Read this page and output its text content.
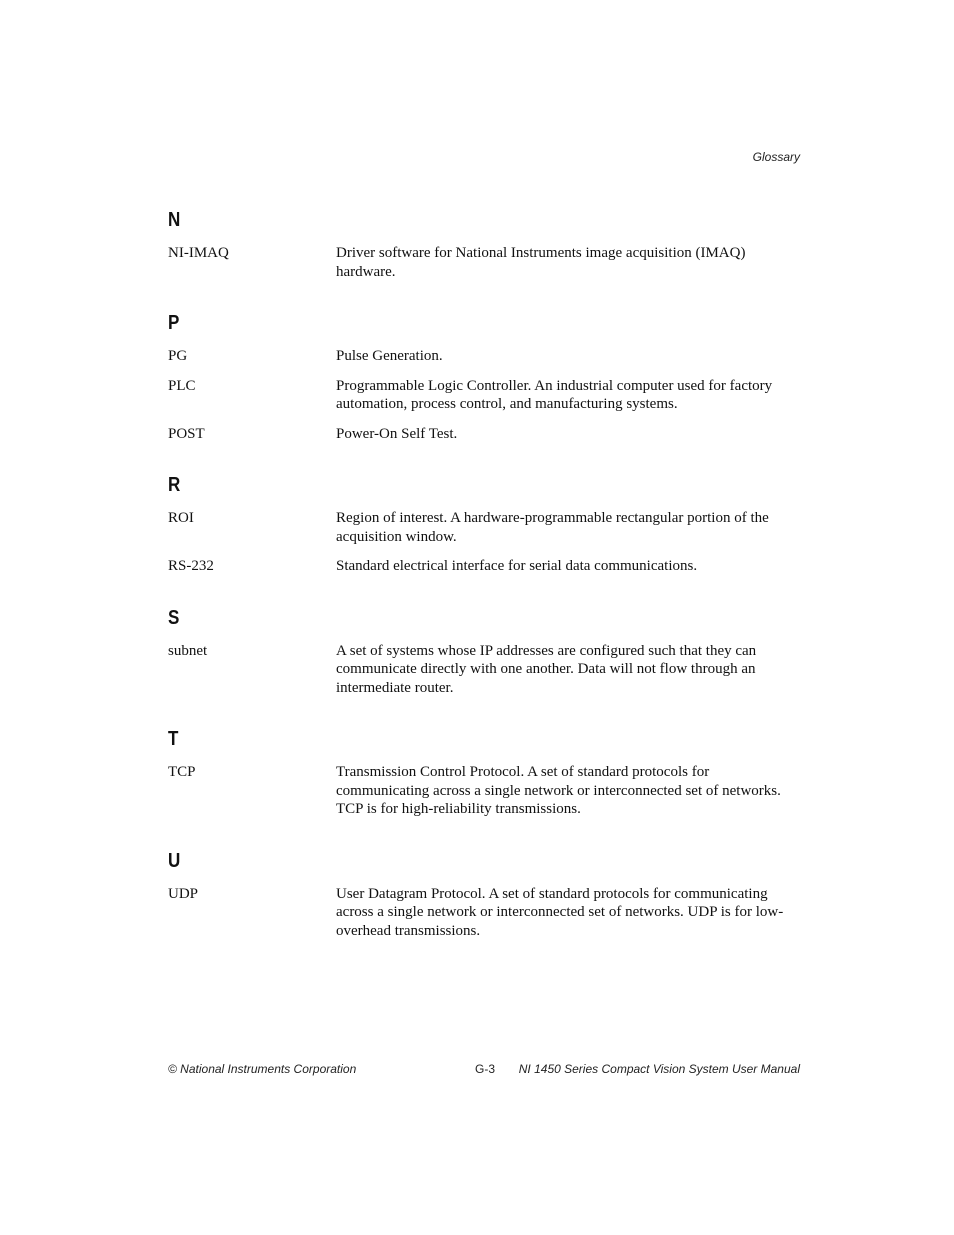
Glossary
N
NI-IMAQ	Driver software for National Instruments image acquisition (IMAQ) hardware.
P
PG	Pulse Generation.
PLC	Programmable Logic Controller. An industrial computer used for factory automation, process control, and manufacturing systems.
POST	Power-On Self Test.
R
ROI	Region of interest. A hardware-programmable rectangular portion of the acquisition window.
RS-232	Standard electrical interface for serial data communications.
S
subnet	A set of systems whose IP addresses are configured such that they can communicate directly with one another. Data will not flow through an intermediate router.
T
TCP	Transmission Control Protocol. A set of standard protocols for communicating across a single network or interconnected set of networks. TCP is for high-reliability transmissions.
U
UDP	User Datagram Protocol. A set of standard protocols for communicating across a single network or interconnected set of networks. UDP is for low-overhead transmissions.
© National Instruments Corporation	G-3 NI 1450 Series Compact Vision System User Manual
